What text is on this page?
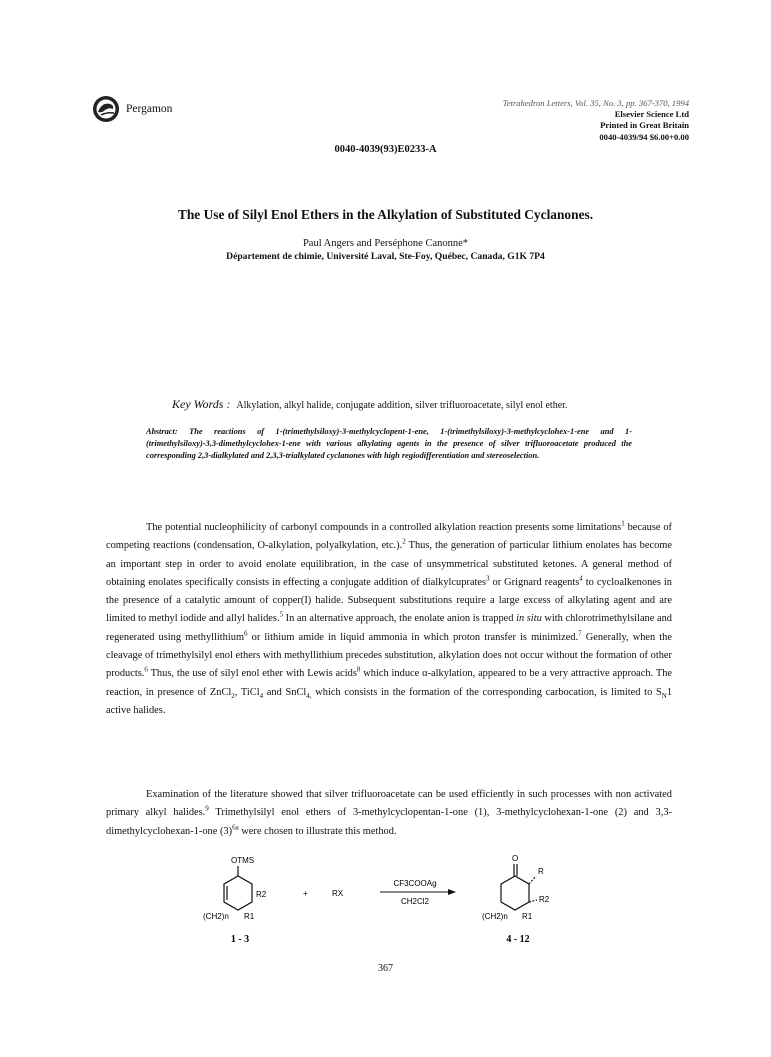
Pergamon	Tetrahedron Letters, Vol. 35, No. 3, pp. 367-370, 1994
Elsevier Science Ltd
Printed in Great Britain
0040-4039/94 $6.00+0.00
0040-4039(93)E0233-A
The Use of Silyl Enol Ethers in the Alkylation of Substituted Cyclanones.
Paul Angers and Perséphone Canonne*
Département de chimie, Université Laval, Ste-Foy, Québec, Canada, G1K 7P4
Key Words : Alkylation, alkyl halide, conjugate addition, silver trifluoroacetate, silyl enol ether.
Abstract: The reactions of 1-(trimethylsiloxy)-3-methylcyclopent-1-ene, 1-(trimethylsiloxy)-3-methylcyclohex-1-ene and 1-(trimethylsiloxy)-3,3-dimethylcyclohex-1-ene with various alkylating agents in the presence of silver trifluoroacetate produced the corresponding 2,3-dialkylated and 2,3,3-trialkylated cyclanones with high regiodifferentiation and stereoselection.
The potential nucleophilicity of carbonyl compounds in a controlled alkylation reaction presents some limitations$^1$ because of competing reactions (condensation, O-alkylation, polyalkylation, etc.).$^2$ Thus, the generation of particular lithium enolates has become an important step in order to avoid enolate equilibration, in the case of unsymmetrical substituted ketones. A general method of obtaining enolates specifically consists in effecting a conjugate addition of dialkylcuprates$^3$ or Grignard reagents$^4$ to cycloalkenones in the presence of a catalytic amount of copper(I) halide. Subsequent substitutions require a large excess of alkylating agent and are limited to methyl iodide and allyl halides.$^5$ In an alternative approach, the enolate anion is trapped in situ with chlorotrimethylsilane and regenerated using methyllithium$^6$ or lithium amide in liquid ammonia in which proton transfer is minimized.$^7$ Generally, when the cleavage of trimethylsilyl enol ethers with methyllithium precedes substitution, alkylation does not occur without the formation of other products.$^6$ Thus, the use of silyl enol ether with Lewis acids$^8$ which induce α-alkylation, appeared to be a very attractive approach. The reaction, in presence of ZnCl$_2$, TiCl$_4$ and SnCl$_{4,}$ which consists in the formation of the corresponding carbocation, is limited to $S_N1$ active halides.
Examination of the literature showed that silver trifluoroacetate can be used efficiently in such processes with non activated primary alkyl halides.$^9$ Trimethylsilyl enol ethers of 3-methylcyclopentan-1-one (1), 3-methylcyclohexan-1-one (2) and 3,3-dimethylcyclohexan-1-one $(3)^{6a}$ were chosen to illustrate this method.
OTMS
R2
(CH2)n R1
+	RX
CF3COOAg
CH2Cl2
O
R
R2
(CH2)n R1
1 - 3	4 - 12
367
